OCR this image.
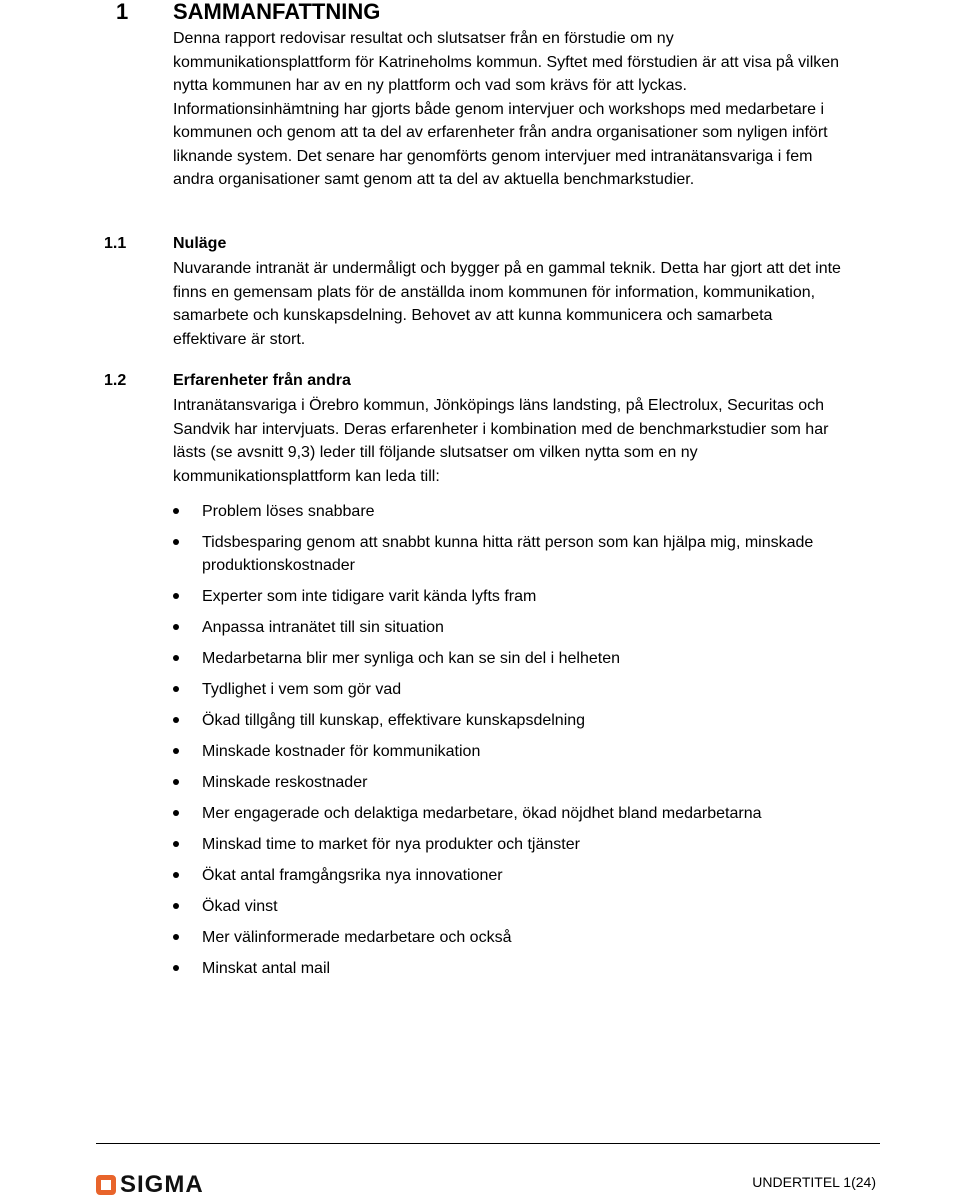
1 SAMMANFATTNING

Denna rapport redovisar resultat och slutsatser från en förstudie om ny kommunikationsplattform för Katrineholms kommun. Syftet med förstudien är att visa på vilken nytta kommunen har av en ny plattform och vad som krävs för att lyckas. Informationsinhämtning har gjorts både genom intervjuer och workshops med medarbetare i kommunen och genom att ta del av erfarenheter från andra organisationer som nyligen infört liknande system. Det senare har genomförts genom intervjuer med intranätansvariga i fem andra organisationer samt genom att ta del av aktuella benchmarkstudier.

1.1	Nuläge

Nuvarande intranät är undermåligt och bygger på en gammal teknik. Detta har gjort att det inte finns en gemensam plats för de anställda inom kommunen för information, kommunikation, samarbete och kunskapsdelning. Behovet av att kunna kommunicera och samarbeta effektivare är stort.

1.2	Erfarenheter från andra

Intranätansvariga i Örebro kommun, Jönköpings läns landsting, på Electrolux, Securitas och Sandvik har intervjuats. Deras erfarenheter i kombination med de benchmarkstudier som har lästs (se avsnitt 9,3) leder till följande slutsatser om vilken nytta som en ny kommunikationsplattform kan leda till:

Problem löses snabbare
Tidsbesparing genom att snabbt kunna hitta rätt person som kan hjälpa mig, minskade produktionskostnader
Experter som inte tidigare varit kända lyfts fram
Anpassa intranätet till sin situation
Medarbetarna blir mer synliga och kan se sin del i helheten
Tydlighet i vem som gör vad
Ökad tillgång till kunskap, effektivare kunskapsdelning
Minskade kostnader för kommunikation
Minskade reskostnader
Mer engagerade och delaktiga medarbetare, ökad nöjdhet bland medarbetarna
Minskad time to market för nya produkter och tjänster
Ökat antal framgångsrika nya innovationer
Ökad vinst
Mer välinformerade medarbetare och också
Minskat antal mail
SIGMA	UNDERTITEL 1(24)
